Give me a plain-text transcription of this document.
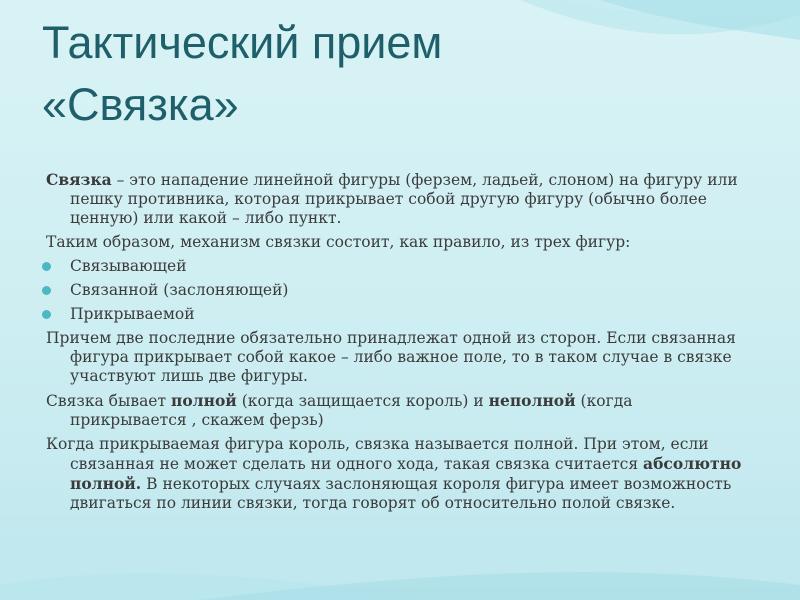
Тактический прием
«Связка»

Связка – это нападение линейной фигуры (ферзем, ладьей, слоном) на фигуру или пешку противника, которая прикрывает собой другую фигуру (обычно более ценную) или какой – либо пункт.

Таким образом, механизм связки состоит, как правило, из трех фигур:

Связывающей
Связанной (заслоняющей)
Прикрываемой

Причем две последние обязательно принадлежат одной из сторон. Если связанная фигура прикрывает собой какое – либо важное поле, то в таком случае в связке участвуют лишь две фигуры.

Связка бывает полной (когда защищается король) и неполной (когда прикрывается , скажем ферзь)

Когда прикрываемая фигура король, связка называется полной. При этом, если связанная не может сделать ни одного хода, такая связка считается абсолютно полной. В некоторых случаях заслоняющая короля фигура имеет возможность двигаться по линии связки, тогда говорят об относительно полой связке.
